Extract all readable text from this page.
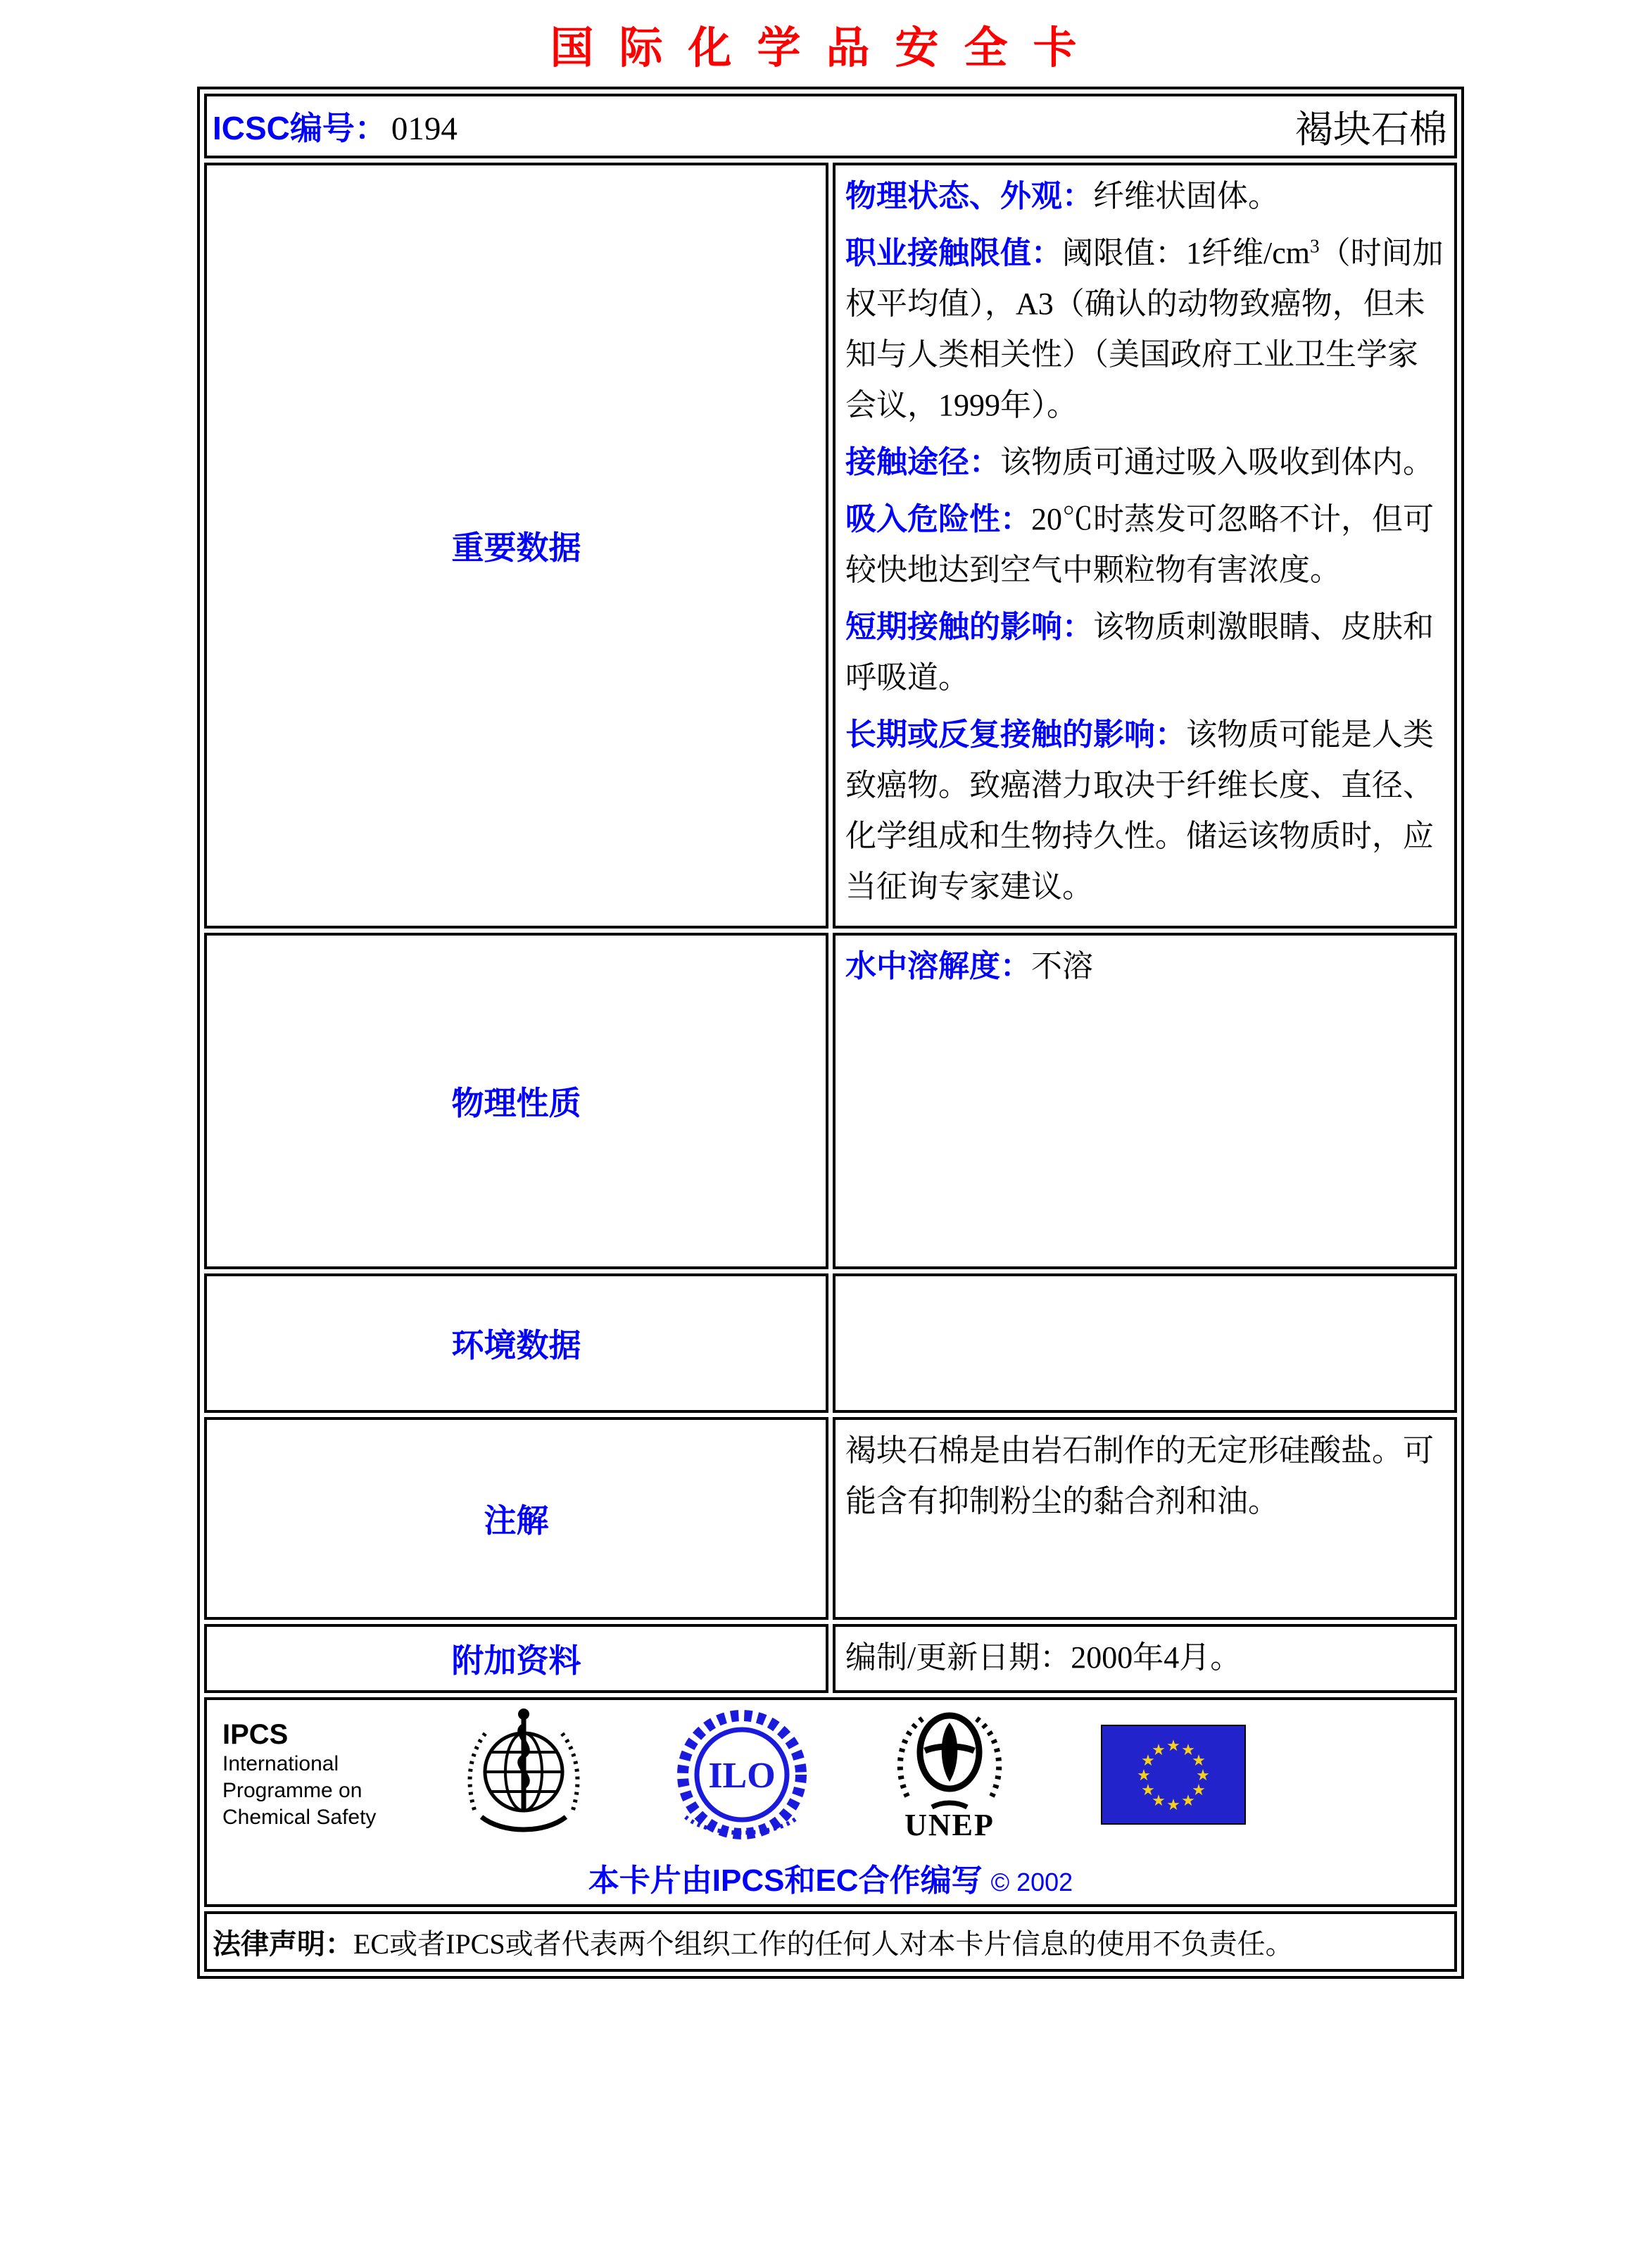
国际化学品安全卡
ICSC编号： 0194 褐块石棉	

重要数据	

物理状态、外观：纤维状固体。

职业接触限值：阈限值：1纤维$/cm^3$（时间加权平均值），A3（确认的动物致癌物，但未知与人类相关性）（美国政府工业卫生学家会议，1999年）。

接触途径：该物质可通过吸入吸收到体内。

吸入危险性：20℃时蒸发可忽略不计，但可较快地达到空气中颗粒物有害浓度。

短期接触的影响：该物质刺激眼睛、皮肤和呼吸道。

长期或反复接触的影响：该物质可能是人类致癌物。致癌潜力取决于纤维长度、直径、化学组成和生物持久性。储运该物质时，应当征询专家建议。

物理性质	水中溶解度：不溶

环境数据	
注解	褐块石棉是由岩石制作的无定形硅酸盐。可能含有抑制粉尘的黏合剂和油。
附加资料	编制/更新日期：2000年4月。

IPCS
International
Programme on
Chemical Safety
ILO
UNEP
★ ★
★
★
★
★
★
★
★
★
★
★
本卡片由IPCS和EC合作编写 © 2002

法律声明：EC或者IPCS或者代表两个组织工作的任何人对本卡片信息的使用不负责任。	
